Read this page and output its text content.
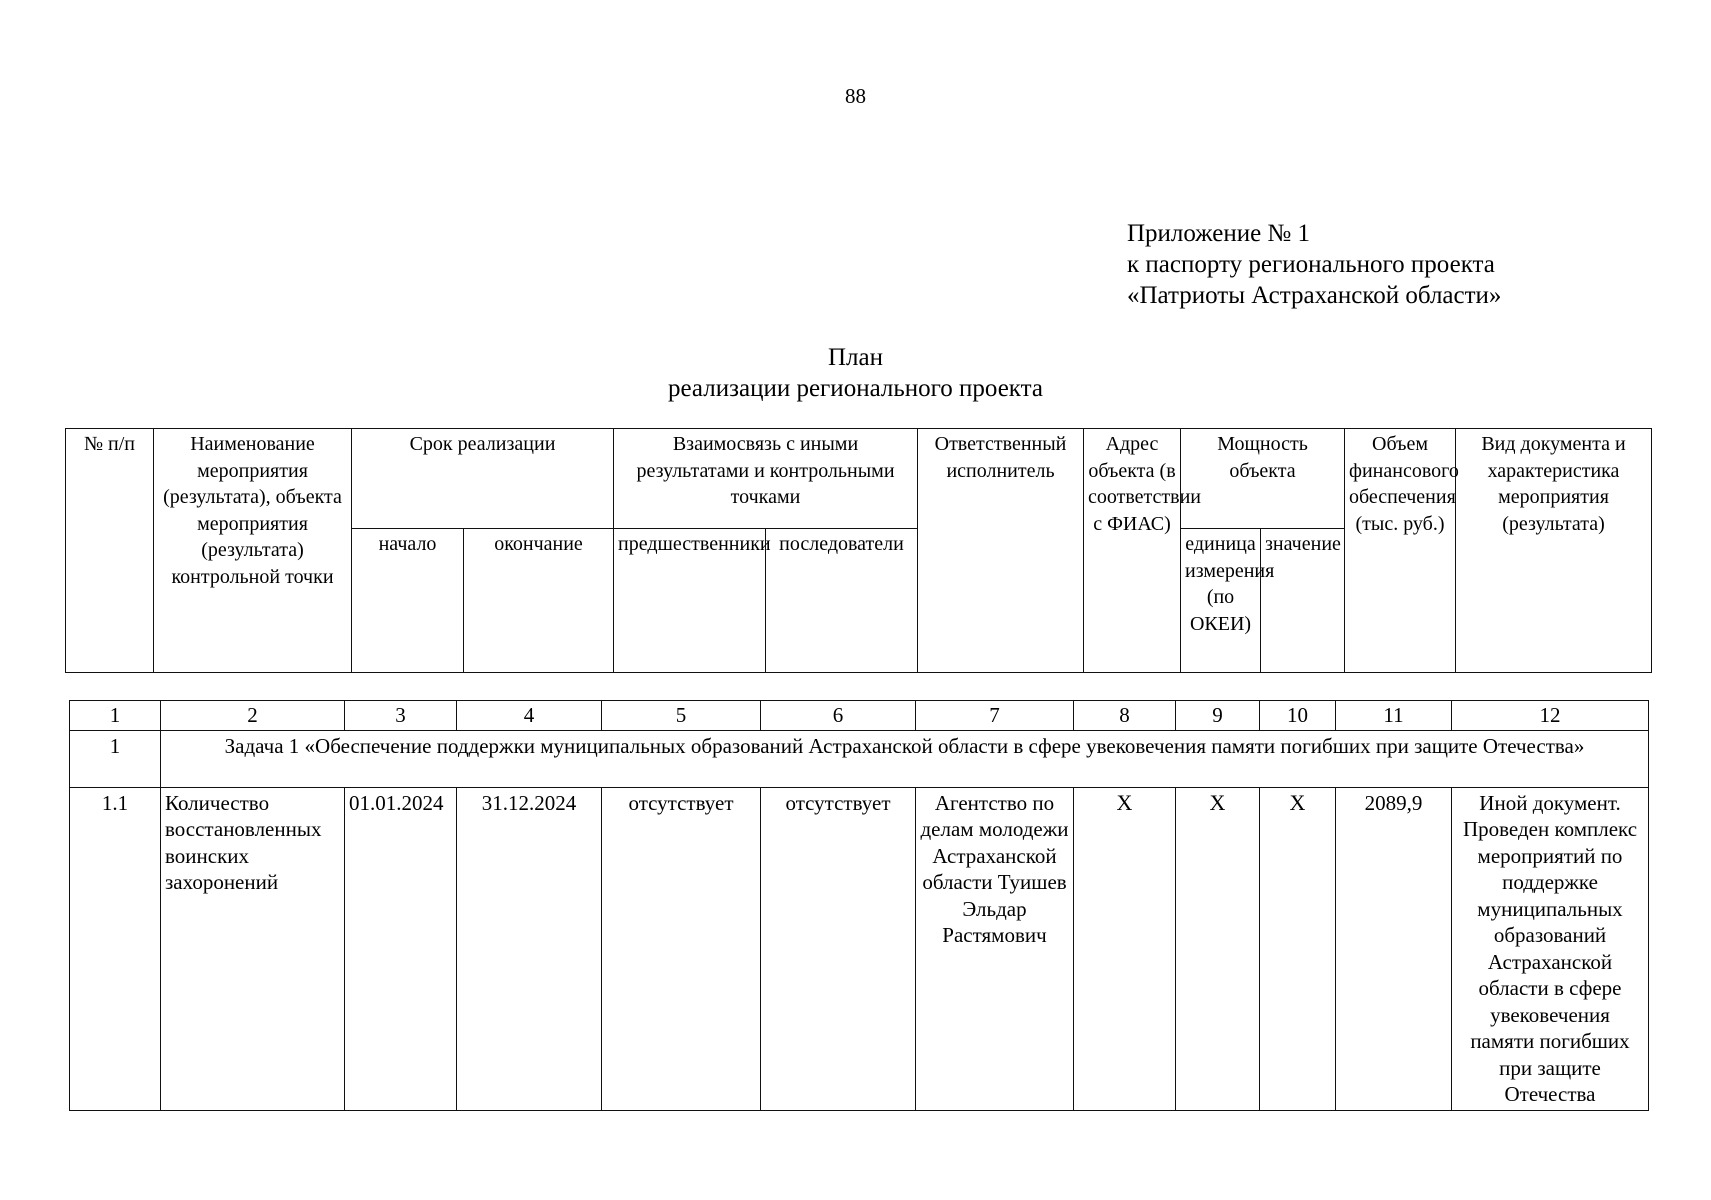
88
Приложение № 1
к паспорту регионального проекта
«Патриоты Астраханской области»
План
реализации регионального проекта
№ п/п	Наименование мероприятия (результата), объекта мероприятия (результата) контрольной точки	Срок реализации		Взаимосвязь с иными результатами и контрольными точками		Ответственный исполнитель	Адрес объекта (в соответствии с ФИАС)	Мощность объекта		Объем финансового обеспечения (тыс. руб.)	Вид документа и характеристика мероприятия (результата)
		начало	окончание	предшественники	последователи			единица измерения (по ОКЕИ)	значение		
1	2	3	4	5	6	7	8	9	10	11	12
1	Задача 1 «Обеспечение поддержки муниципальных образований Астраханской области в сфере увековечения памяти погибших при защите Отечества»										
1.1	Количество восстановленных воинских захоронений	01.01.2024	31.12.2024	отсутствует	отсутствует	Агентство по делам молодежи Астраханской области Туишев Эльдар Растямович	Х	Х	Х	2089,9	Иной документ. Проведен комплекс мероприятий по поддержке муниципальных образований Астраханской области в сфере увековечения памяти погибших при защите Отечества
